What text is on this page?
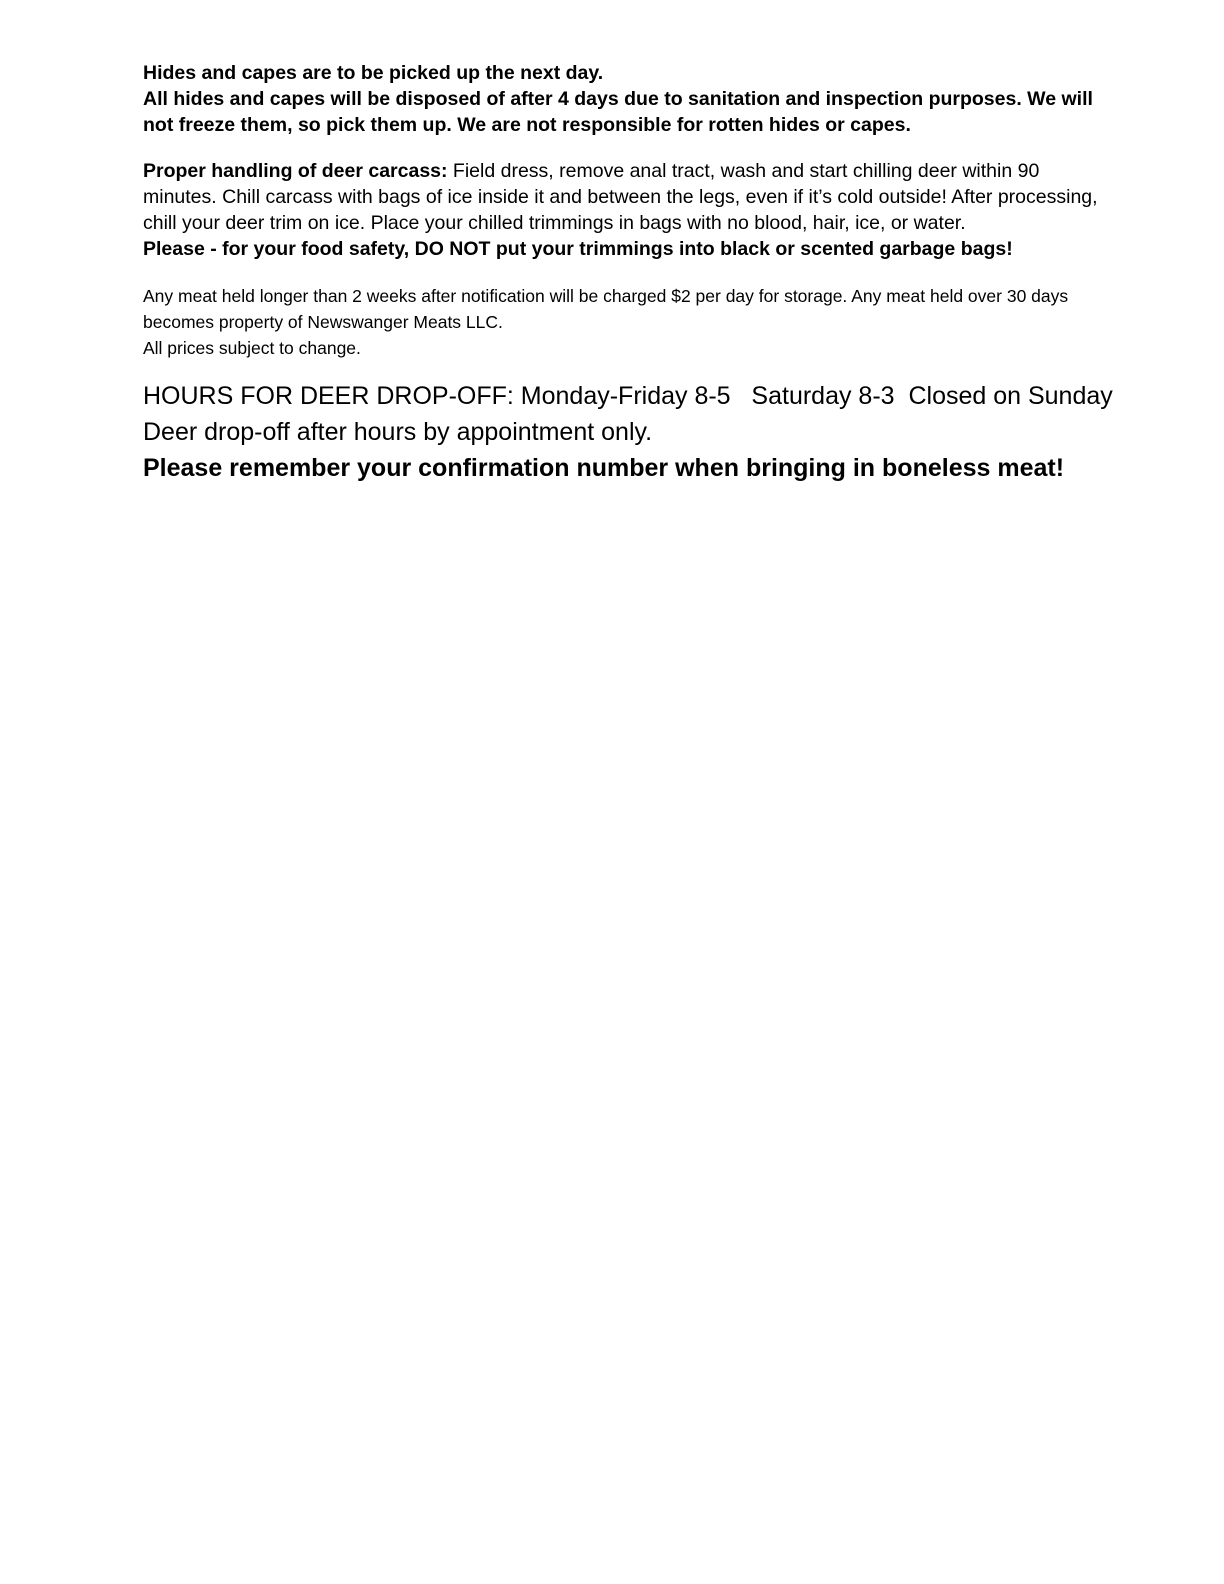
Hides and capes are to be picked up the next day.
All hides and capes will be disposed of after 4 days due to sanitation and inspection purposes. We will not freeze them, so pick them up. We are not responsible for rotten hides or capes.

Proper handling of deer carcass: Field dress, remove anal tract, wash and start chilling deer within 90 minutes. Chill carcass with bags of ice inside it and between the legs, even if it’s cold outside! After processing, chill your deer trim on ice. Place your chilled trimmings in bags with no blood, hair, ice, or water.
Please - for your food safety, DO NOT put your trimmings into black or scented garbage bags!

Any meat held longer than 2 weeks after notification will be charged $2 per day for storage. Any meat held over 30 days becomes property of Newswanger Meats LLC.
All prices subject to change.

HOURS FOR DEER DROP-OFF: Monday-Friday 8-5   Saturday 8-3  Closed on Sunday
Deer drop-off after hours by appointment only.
Please remember your confirmation number when bringing in boneless meat!
